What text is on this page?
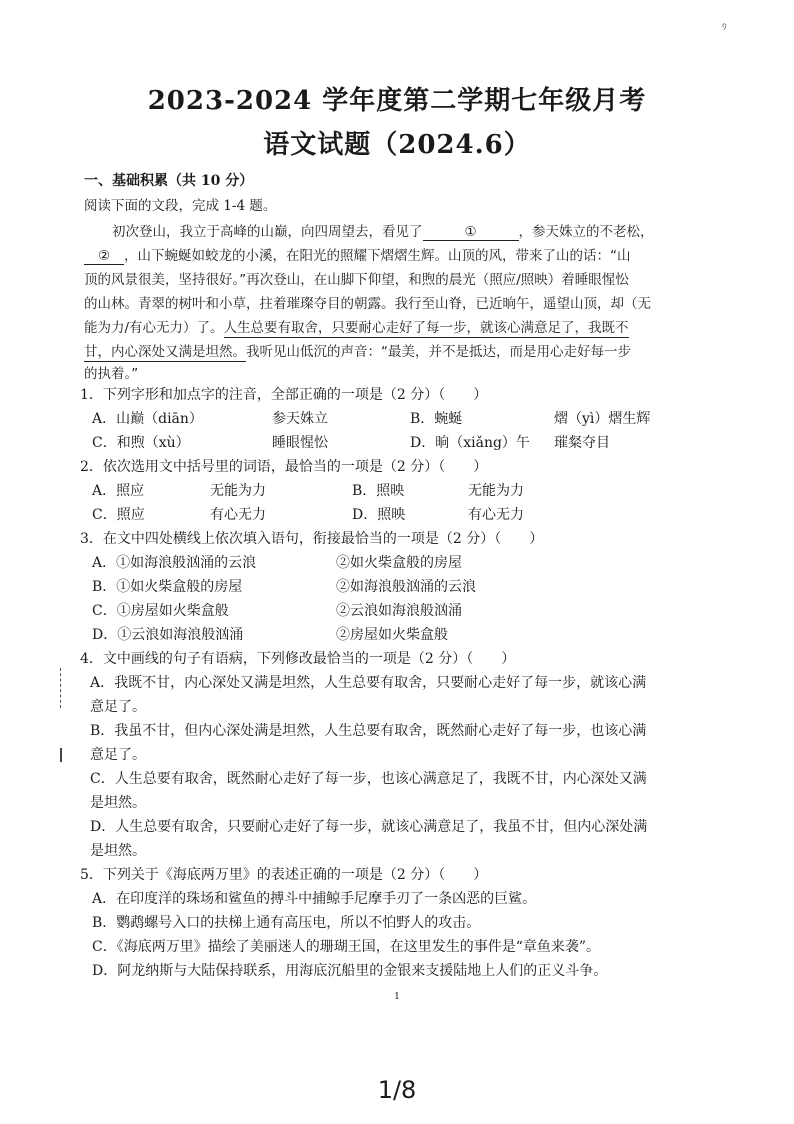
᠀
2023-2024 学年度第二学期七年级月考
语文试题（2024.6）
一、基础积累（共 10 分）
阅读下面的文段，完成 1-4 题。
初次登山，我立于高峰的山巅，向四周望去，看见了	①	，参天姝立的不老松，
② ，山下蜿蜒如蛟龙的小溪，在阳光的照耀下熠熠生辉。山顶的风，带来了山的话：“山
顶的风景很美，坚持很好。”再次登山，在山脚下仰望，和煦的晨光（照应/照映）着睡眼惺忪
的山林。青翠的树叶和小草，拄着璀璨夺目的朝露。我行至山脊，已近晌午，遥望山顶，却（无
能为力/有心无力）了。人生总要有取舍，只要耐心走好了每一步，就该心满意足了，我既不
甘，内心深处又满是坦然。我听见山低沉的声音：“最美，并不是抵达，而是用心走好每一步
的执着。”
1．下列字形和加点字的注音，全部正确的一项是（2 分）（　　）
A．山巅（diān）	参天姝立	B．蜿蜒	熠（yì）熠生辉
C．和煦（xù）	睡眼惺忪	D．晌（xiǎng）午 璀粲夺目
2．依次选用文中括号里的词语，最恰当的一项是（2 分）（　　）
A．照应	无能为力	B．照映	无能为力
C．照应	有心无力	D．照映	有心无力
3．在文中四处横线上依次填入语句，衔接最恰当的一项是（2 分）（　　）
A．①如海浪般汹涌的云浪	②如火柴盒般的房屋
B．①如火柴盒般的房屋	②如海浪般汹涌的云浪
C．①房屋如火柴盒般	②云浪如海浪般汹涌
D．①云浪如海浪般汹涌	②房屋如火柴盒般
4．文中画线的句子有语病，下列修改最恰当的一项是（2 分）（　　）
A．我既不甘，内心深处又满是坦然，人生总要有取舍，只要耐心走好了每一步，就该心满
意足了。
B．我虽不甘，但内心深处满是坦然，人生总要有取舍，既然耐心走好了每一步，也该心满
意足了。
C．人生总要有取舍，既然耐心走好了每一步，也该心满意足了，我既不甘，内心深处又满
是坦然。
D．人生总要有取舍，只要耐心走好了每一步，就该心满意足了，我虽不甘，但内心深处满
是坦然。
5．下列关于《海底两万里》的表述正确的一项是（2 分）（　　）
A．在印度洋的珠场和鲨鱼的搏斗中捕鲸手尼摩手刃了一条凶恶的巨鲨。
B．鹦鹉螺号入口的扶梯上通有高压电，所以不怕野人的攻击。
C．《海底两万里》描绘了美丽迷人的珊瑚王国，在这里发生的事件是“章鱼来袭”。
D．阿龙纳斯与大陆保持联系，用海底沉船里的金银来支援陆地上人们的正义斗争。
1
1/8
